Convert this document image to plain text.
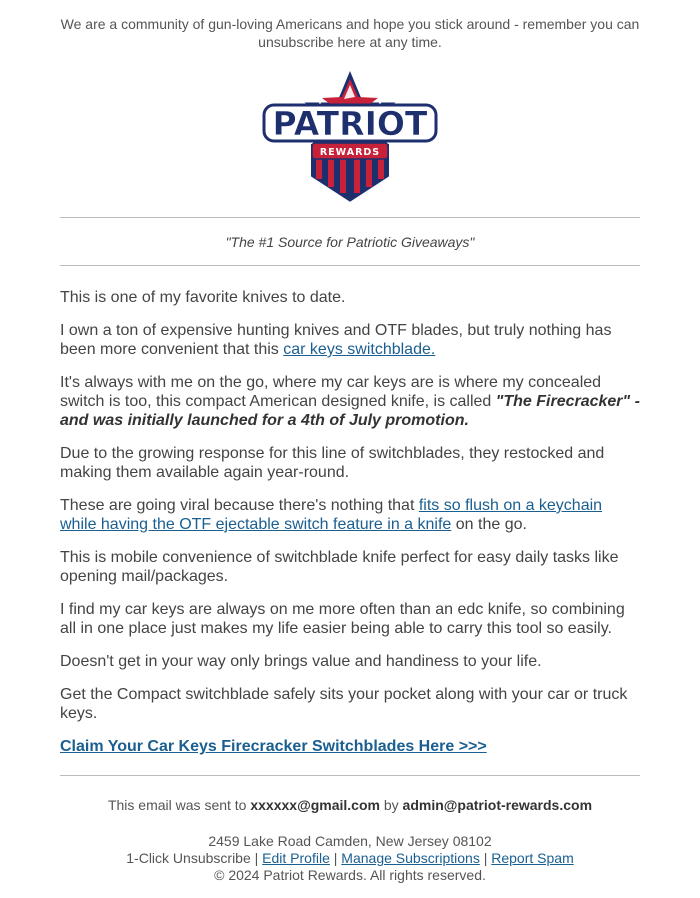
We are a community of gun-loving Americans and hope you stick around - remember you can unsubscribe here at any time.

PATRIOT
REWARDS

"The #1 Source for Patriotic Giveaways"

This is one of my favorite knives to date.

I own a ton of expensive hunting knives and OTF blades, but truly nothing has been more convenient that this car keys switchblade.

It's always with me on the go, where my car keys are is where my concealed switch is too, this compact American designed knife, is called "The Firecracker" - and was initially launched for a 4th of July promotion.

Due to the growing response for this line of switchblades, they restocked and making them available again year-round.

These are going viral because there's nothing that fits so flush on a keychain while having the OTF ejectable switch feature in a knife on the go.

This is mobile convenience of switchblade knife perfect for easy daily tasks like opening mail/packages.

I find my car keys are always on me more often than an edc knife, so combining all in one place just makes my life easier being able to carry this tool so easily.

Doesn't get in your way only brings value and handiness to your life.

Get the Compact switchblade safely sits your pocket along with your car or truck keys.

Claim Your Car Keys Firecracker Switchblades Here >>>

This email was sent to xxxxxx@gmail.com by admin@patriot-rewards.com

2459 Lake Road Camden, New Jersey 08102

1-Click Unsubscribe | Edit Profile | Manage Subscriptions | Report Spam

© 2024 Patriot Rewards. All rights reserved.
